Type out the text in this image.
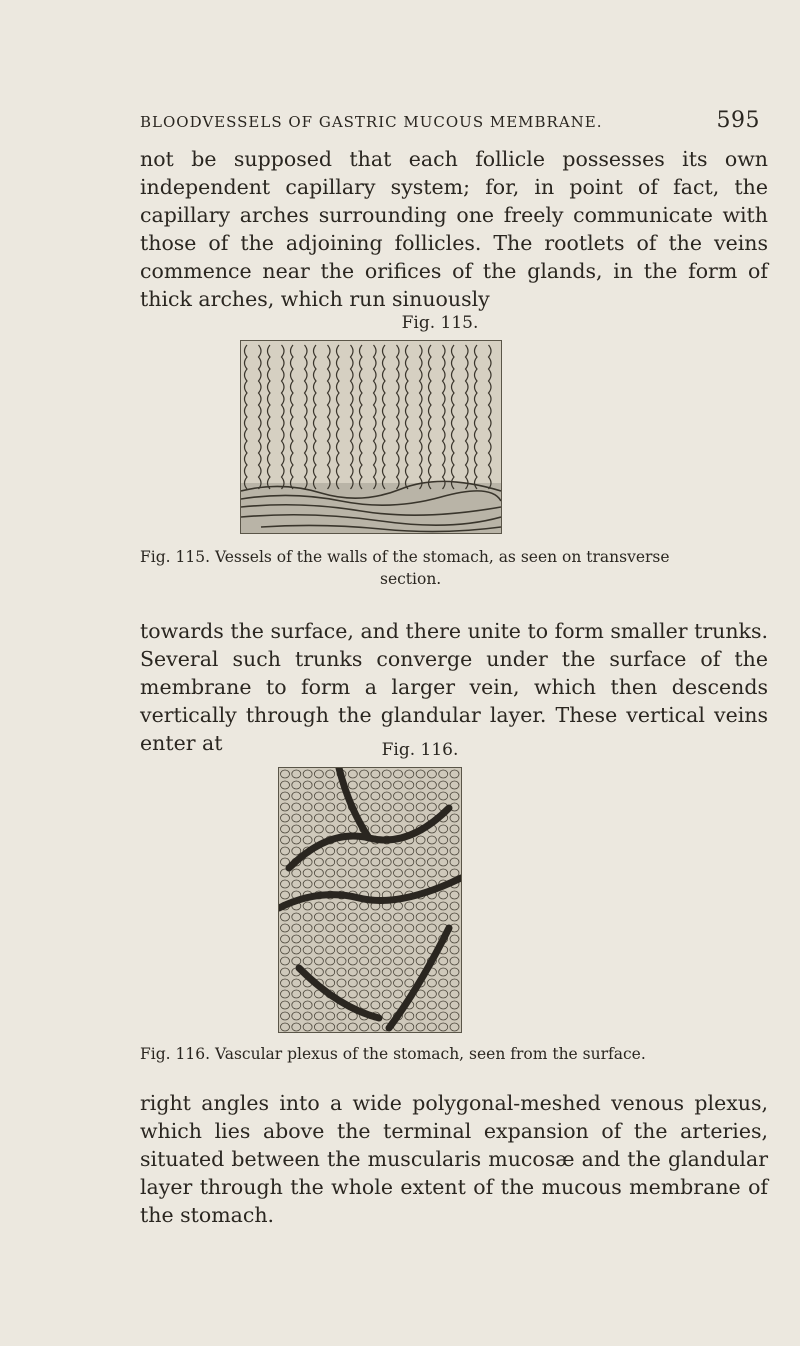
BLOODVESSELS OF GASTRIC MUCOUS MEMBRANE.	595

not be supposed that each follicle possesses its own independent capillary system; for, in point of fact, the capillary arches surrounding one freely communicate with those of the adjoining follicles. The rootlets of the veins commence near the orifices of the glands, in the form of thick arches, which run sinuously

Fig. 115.
Fig. 115. Vessels of the walls of the stomach, as seen on transverse
section.

towards the surface, and there unite to form smaller trunks. Several such trunks converge under the surface of the membrane to form a larger vein, which then descends vertically through the glandular layer. These vertical veins enter at	Fig. 116.
Fig. 116. Vascular plexus of the stomach, seen from the surface.

right angles into a wide polygonal-meshed venous plexus, which lies above the terminal expansion of the arteries, situated between the muscularis mucosæ and the glandular layer through the whole extent of the mucous membrane of the stomach.
